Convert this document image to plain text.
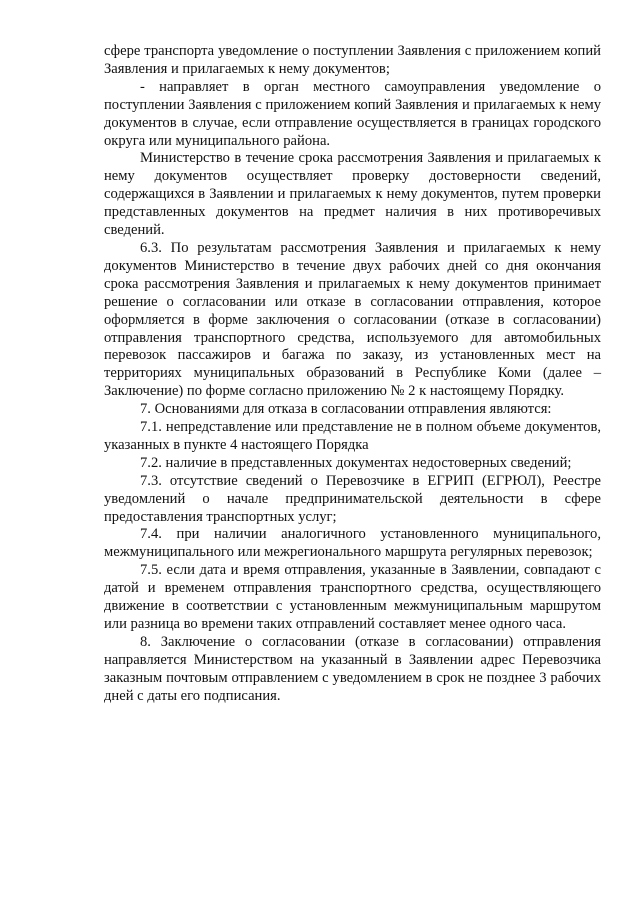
сфере транспорта уведомление о поступлении Заявления с приложением копий Заявления и прилагаемых к нему документов;

- направляет в орган местного самоуправления уведомление о поступлении Заявления с приложением копий Заявления и прилагаемых к нему документов в случае, если отправление осуществляется в границах городского округа или муниципального района.

Министерство в течение срока рассмотрения Заявления и прилагаемых к нему документов осуществляет проверку достоверности сведений, содержащихся в Заявлении и прилагаемых к нему документов, путем проверки представленных документов на предмет наличия в них противоречивых сведений.

6.3. По результатам рассмотрения Заявления и прилагаемых к нему документов Министерство в течение двух рабочих дней со дня окончания срока рассмотрения Заявления и прилагаемых к нему документов принимает решение о согласовании или отказе в согласовании отправления, которое оформляется в форме заключения о согласовании (отказе в согласовании) отправления транспортного средства, используемого для автомобильных перевозок пассажиров и багажа по заказу, из установленных мест на территориях муниципальных образований в Республике Коми (далее – Заключение) по форме согласно приложению № 2 к настоящему Порядку.

7. Основаниями для отказа в согласовании отправления являются:

7.1. непредставление или представление не в полном объеме документов, указанных в пункте 4 настоящего Порядка

7.2. наличие в представленных документах недостоверных сведений;

7.3. отсутствие сведений о Перевозчике в ЕГРИП (ЕГРЮЛ), Реестре уведомлений о начале предпринимательской деятельности в сфере предоставления транспортных услуг;

7.4. при наличии аналогичного установленного муниципального, межмуниципального или межрегионального маршрута регулярных перевозок;

7.5. если дата и время отправления, указанные в Заявлении, совпадают с датой и временем отправления транспортного средства, осуществляющего движение в соответствии с установленным межмуниципальным маршрутом или разница во времени таких отправлений составляет менее одного часа.

8. Заключение о согласовании (отказе в согласовании) отправления направляется Министерством на указанный в Заявлении адрес Перевозчика заказным почтовым отправлением с уведомлением в срок не позднее 3 рабочих дней с даты его подписания.
